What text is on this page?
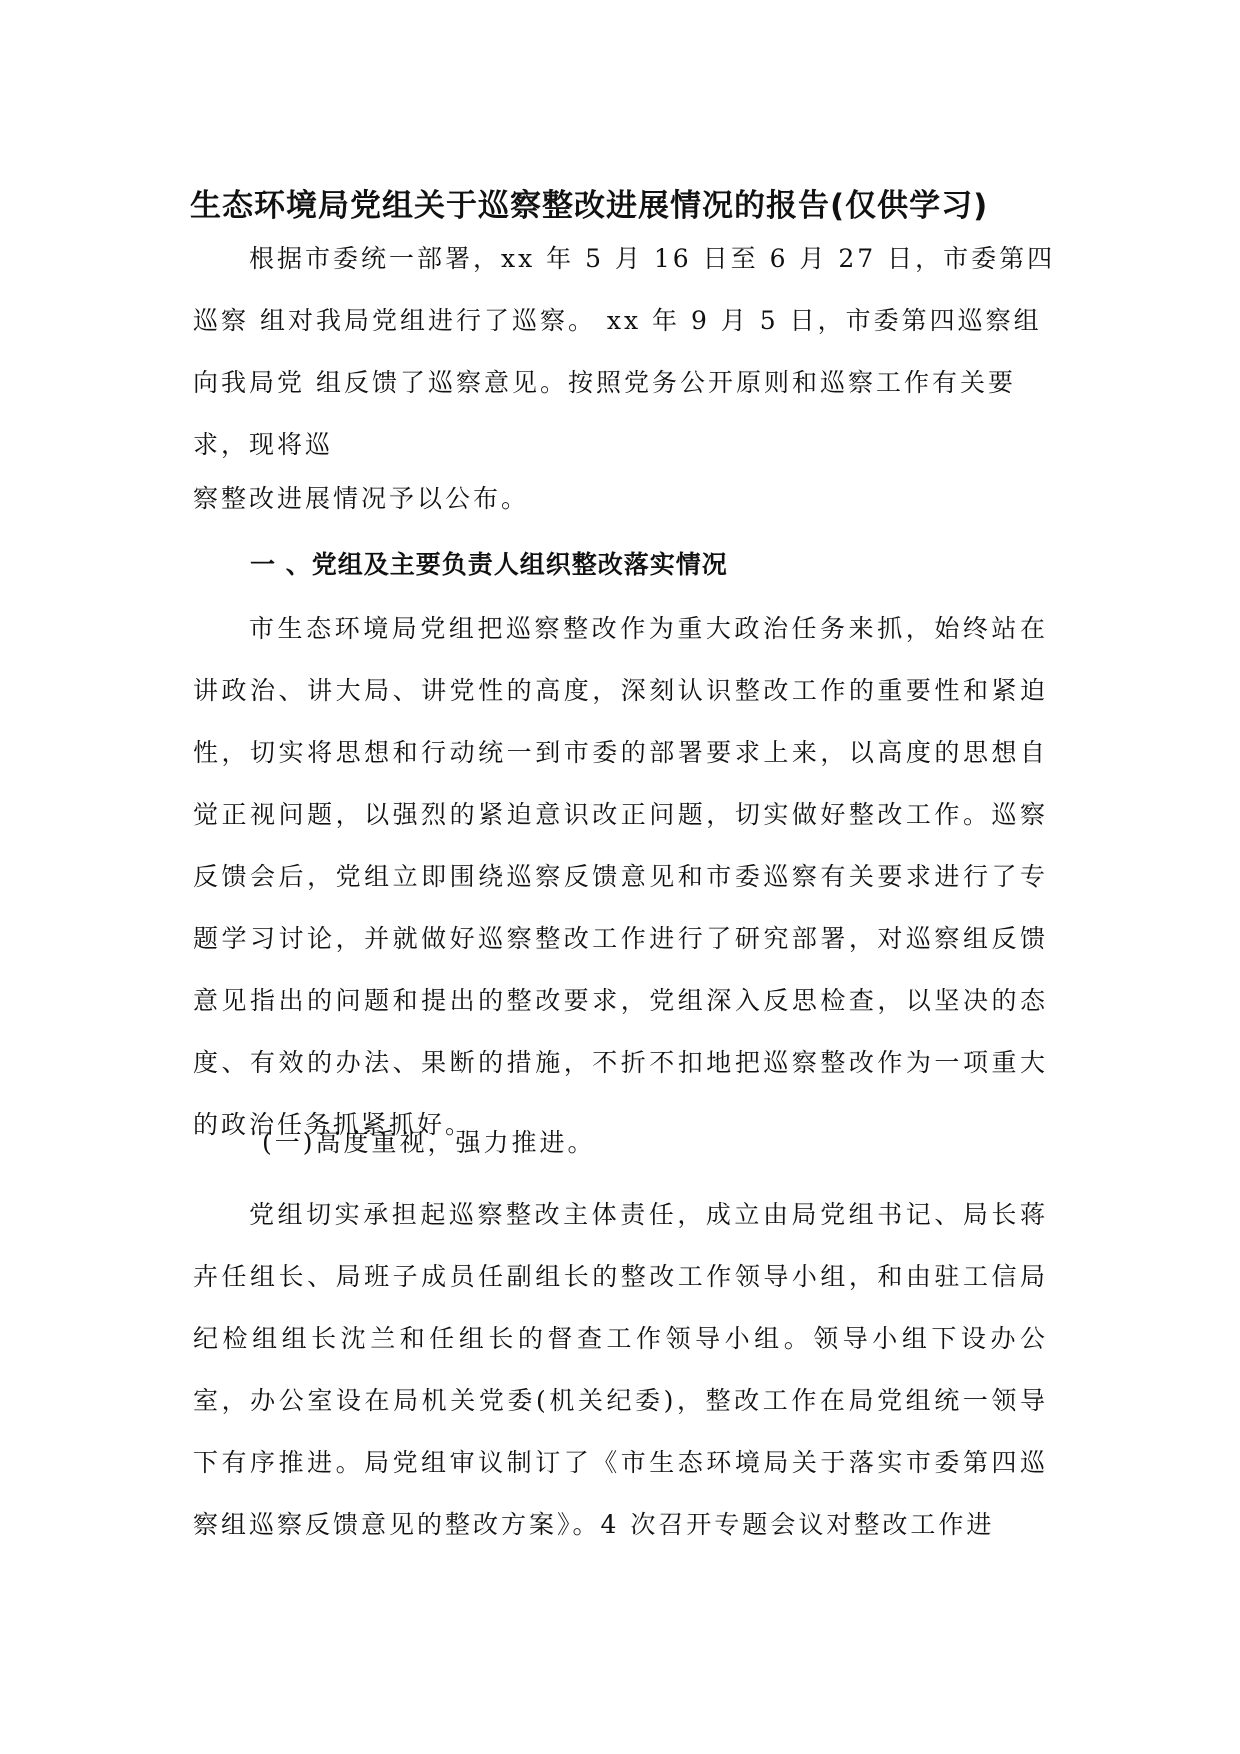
生态环境局党组关于巡察整改进展情况的报告(仅供学习)
根据市委统一部署，xx 年 5 月 16 日至 6 月 27 日，市委第四
巡察 组对我局党组进行了巡察。 xx 年 9 月 5 日，市委第四巡察组
向我局党 组反馈了巡察意见。按照党务公开原则和巡察工作有关要
求，现将巡
察整改进展情况予以公布。
一 、党组及主要负责人组织整改落实情况
市生态环境局党组把巡察整改作为重大政治任务来抓，始终站在讲政治、讲大局、讲党性的高度，深刻认识整改工作的重要性和紧迫性，切实将思想和行动统一到市委的部署要求上来，以高度的思想自觉正视问题，以强烈的紧迫意识改正问题，切实做好整改工作。巡察反馈会后，党组立即围绕巡察反馈意见和市委巡察有关要求进行了专题学习讨论，并就做好巡察整改工作进行了研究部署，对巡察组反馈意见指出的问题和提出的整改要求，党组深入反思检查，以坚决的态度、有效的办法、果断的措施，不折不扣地把巡察整改作为一项重大的政治任务抓紧抓好。
(一)高度重视，强力推进。
党组切实承担起巡察整改主体责任，成立由局党组书记、局长蒋卉任组长、局班子成员任副组长的整改工作领导小组，和由驻工信局纪检组组长沈兰和任组长的督查工作领导小组。领导小组下设办公室，办公室设在局机关党委(机关纪委)，整改工作在局党组统一领导下有序推进。局党组审议制订了《市生态环境局关于落实市委第四巡察组巡察反馈意见的整改方案》。4 次召开专题会议对整改工作进
